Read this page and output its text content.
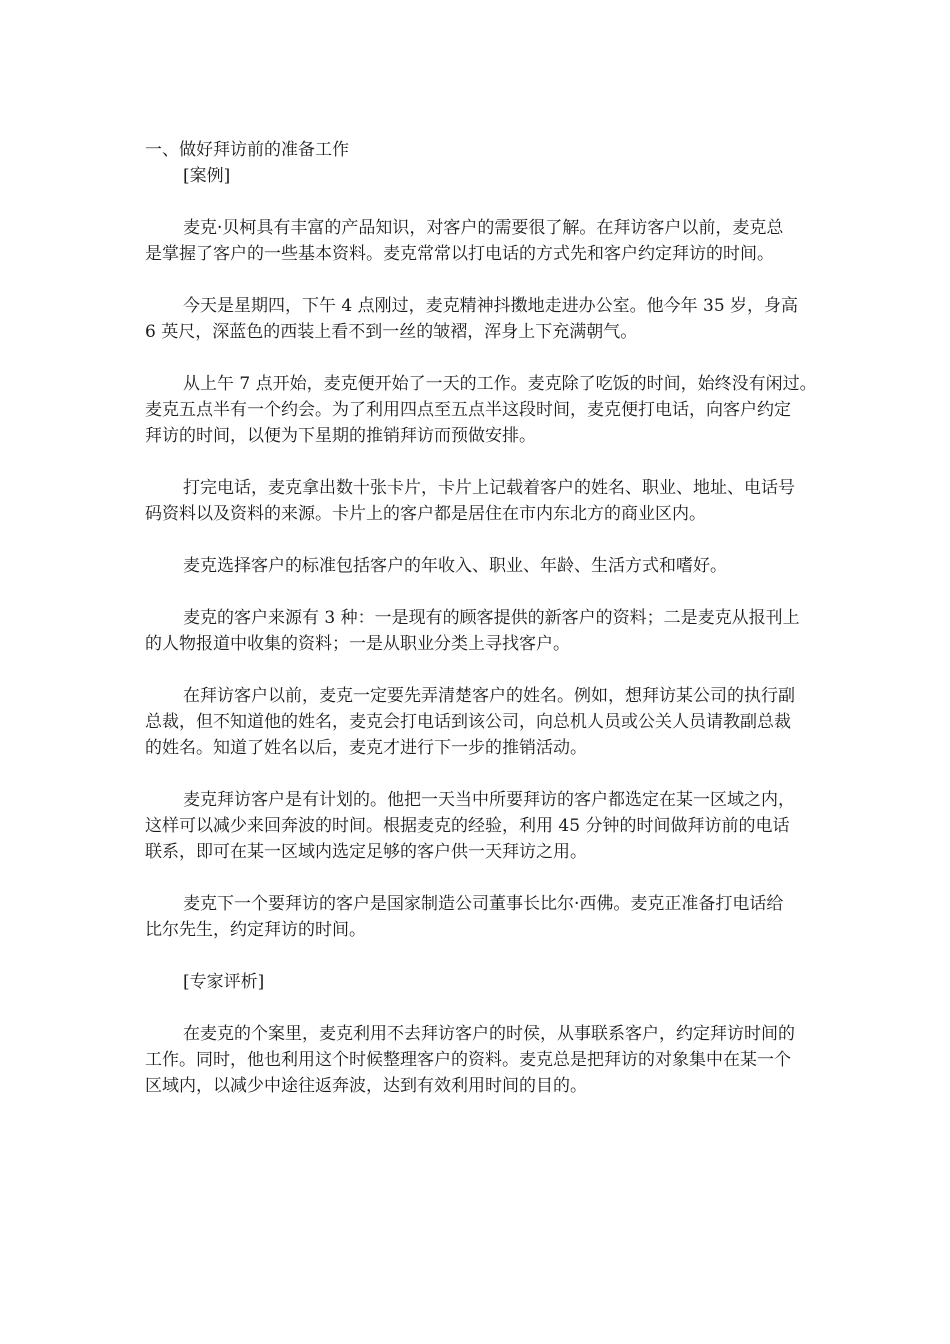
一、做好拜访前的准备工作
[案例]
麦克·贝柯具有丰富的产品知识，对客户的需要很了解。在拜访客户以前，麦克总
是掌握了客户的一些基本资料。麦克常常以打电话的方式先和客户约定拜访的时间。
今天是星期四，下午 4 点刚过，麦克精神抖擞地走进办公室。他今年 35 岁，身高
6 英尺，深蓝色的西装上看不到一丝的皱褶，浑身上下充满朝气。
从上午 7 点开始，麦克便开始了一天的工作。麦克除了吃饭的时间，始终没有闲过。
麦克五点半有一个约会。为了利用四点至五点半这段时间，麦克便打电话，向客户约定
拜访的时间，以便为下星期的推销拜访而预做安排。
打完电话，麦克拿出数十张卡片，卡片上记载着客户的姓名、职业、地址、电话号
码资料以及资料的来源。卡片上的客户都是居住在市内东北方的商业区内。
麦克选择客户的标准包括客户的年收入、职业、年龄、生活方式和嗜好。
麦克的客户来源有 3 种：一是现有的顾客提供的新客户的资料；二是麦克从报刊上
的人物报道中收集的资料；一是从职业分类上寻找客户。
在拜访客户以前，麦克一定要先弄清楚客户的姓名。例如，想拜访某公司的执行副
总裁，但不知道他的姓名，麦克会打电话到该公司，向总机人员或公关人员请教副总裁
的姓名。知道了姓名以后，麦克才进行下一步的推销活动。
麦克拜访客户是有计划的。他把一天当中所要拜访的客户都选定在某一区域之内，
这样可以减少来回奔波的时间。根据麦克的经验，利用 45 分钟的时间做拜访前的电话
联系，即可在某一区域内选定足够的客户供一天拜访之用。
麦克下一个要拜访的客户是国家制造公司董事长比尔·西佛。麦克正准备打电话给
比尔先生，约定拜访的时间。
[专家评析]
在麦克的个案里，麦克利用不去拜访客户的时侯，从事联系客户，约定拜访时间的
工作。同时，他也利用这个时候整理客户的资料。麦克总是把拜访的对象集中在某一个
区域内，以减少中途往返奔波，达到有效利用时间的目的。
